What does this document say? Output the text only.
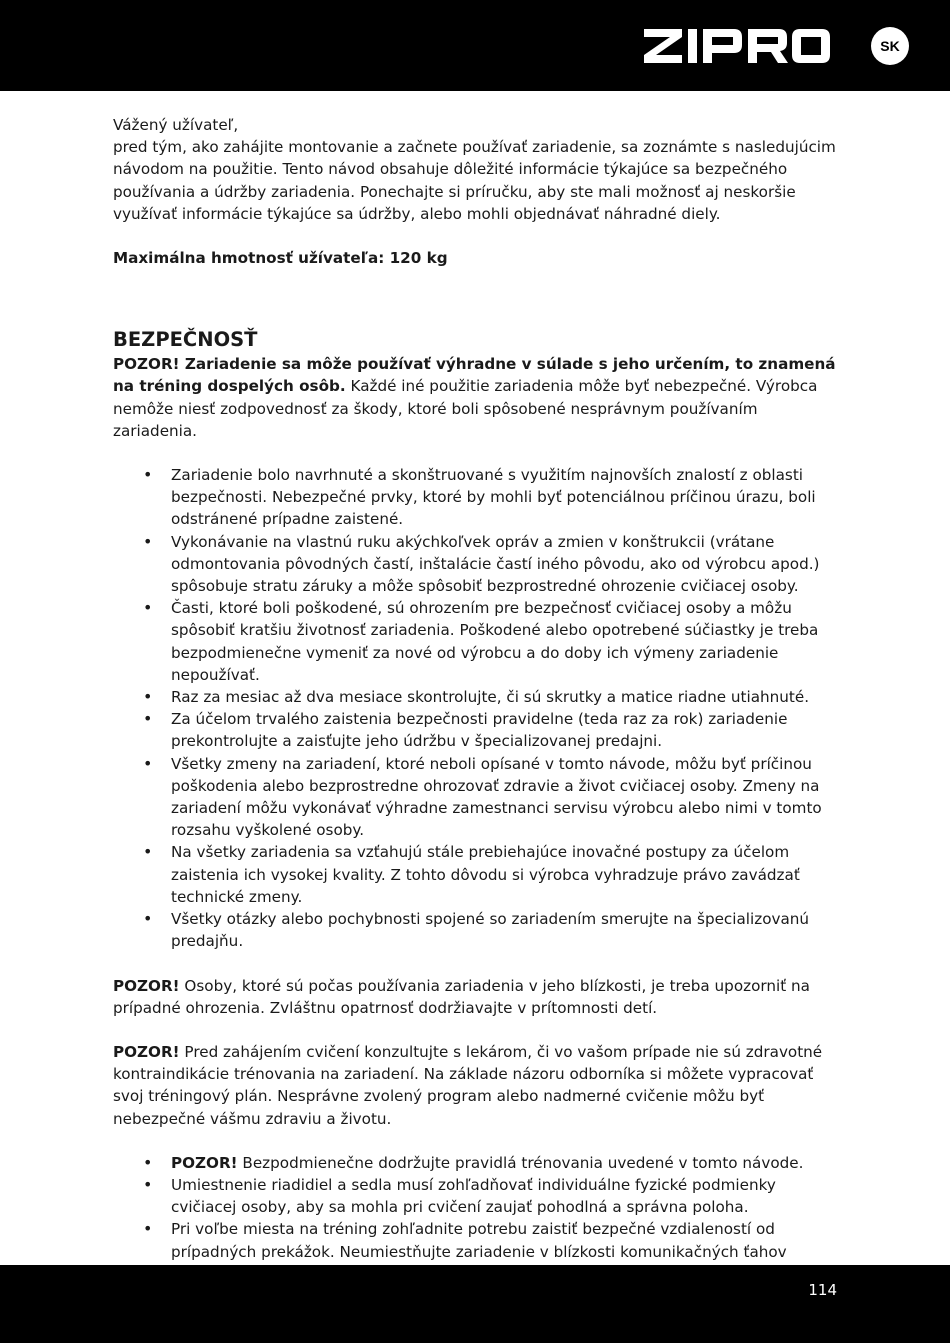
SK

Vážený užívateľ,

pred tým, ako zahájite montovanie a začnete používať zariadenie, sa zoznámte s nasledujúcim návodom na použitie. Tento návod obsahuje dôležité informácie týkajúce sa bezpečného používania a údržby zariadenia. Ponechajte si príručku, aby ste mali možnosť aj neskoršie využívať informácie týkajúce sa údržby, alebo mohli objednávať náhradné diely.

Maximálna hmotnosť užívateľa: 120 kg

BEZPEČNOSŤ

POZOR! Zariadenie sa môže používať výhradne v súlade s jeho určením, to znamená na tréning dospelých osôb. Každé iné použitie zariadenia môže byť nebezpečné. Výrobca nemôže niesť zodpovednosť za škody, ktoré boli spôsobené nesprávnym používaním zariadenia.

• Zariadenie bolo navrhnuté a skonštruované s využitím najnovších znalostí z oblasti bezpečnosti. Nebezpečné prvky, ktoré by mohli byť potenciálnou príčinou úrazu, boli odstránené prípadne zaistené.
• Vykonávanie na vlastnú ruku akýchkoľvek opráv a zmien v konštrukcii (vrátane odmontovania pôvodných častí, inštalácie častí iného pôvodu, ako od výrobcu apod.) spôsobuje stratu záruky a môže spôsobiť bezprostredné ohrozenie cvičiacej osoby.
• Časti, ktoré boli poškodené, sú ohrozením pre bezpečnosť cvičiacej osoby a môžu spôsobiť kratšiu životnosť zariadenia. Poškodené alebo opotrebené súčiastky je treba bezpodmienečne vymeniť za nové od výrobcu a do doby ich výmeny zariadenie nepoužívať.
• Raz za mesiac až dva mesiace skontrolujte, či sú skrutky a matice riadne utiahnuté.
• Za účelom trvalého zaistenia bezpečnosti pravidelne (teda raz za rok) zariadenie prekontrolujte a zaisťujte jeho údržbu v špecializovanej predajni.
• Všetky zmeny na zariadení, ktoré neboli opísané v tomto návode, môžu byť príčinou poškodenia alebo bezprostredne ohrozovať zdravie a život cvičiacej osoby. Zmeny na zariadení môžu vykonávať výhradne zamestnanci servisu výrobcu alebo nimi v tomto rozsahu vyškolené osoby.
• Na všetky zariadenia sa vzťahujú stále prebiehajúce inovačné postupy za účelom zaistenia ich vysokej kvality. Z tohto dôvodu si výrobca vyhradzuje právo zavádzať technické zmeny.
• Všetky otázky alebo pochybnosti spojené so zariadením smerujte na špecializovanú predajňu.

POZOR! Osoby, ktoré sú počas používania zariadenia v jeho blízkosti, je treba upozorniť na prípadné ohrozenia. Zvláštnu opatrnosť dodržiavajte v prítomnosti detí.

POZOR! Pred zahájením cvičení konzultujte s lekárom, či vo vašom prípade nie sú zdravotné kontraindikácie trénovania na zariadení. Na základe názoru odborníka si môžete vypracovať svoj tréningový plán. Nesprávne zvolený program alebo nadmerné cvičenie môžu byť nebezpečné vášmu zdraviu a životu.

• POZOR! Bezpodmienečne dodržujte pravidlá trénovania uvedené v tomto návode.
• Umiestnenie riadidiel a sedla musí zohľadňovať individuálne fyzické podmienky cvičiacej osoby, aby sa mohla pri cvičení zaujať pohodlná a správna poloha.
• Pri voľbe miesta na tréning zohľadnite potrebu zaistiť bezpečné vzdialeností od prípadných prekážok. Neumiestňujte zariadenie v blízkosti komunikačných ťahov
114
